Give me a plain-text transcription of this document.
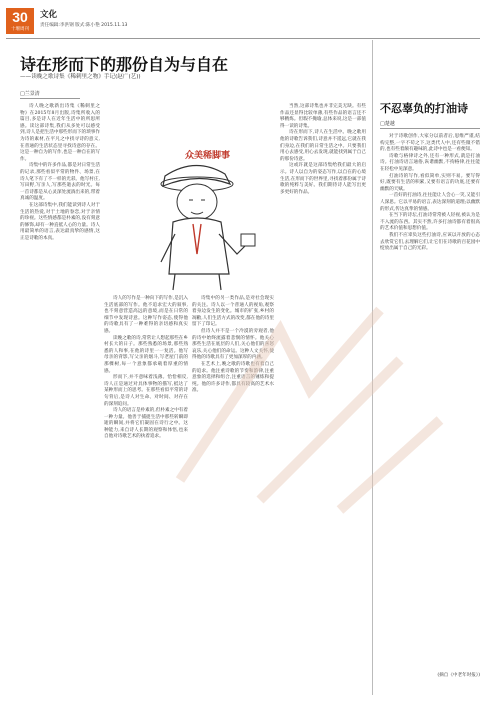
30
十堰周刊
文化
责任编辑:李洪钢 版式:陈小艳 2015.11.13
诗在形而下的那份自为与自在
——读晚之歌诗集《稀刺里之物》手记(赵广(艺))
□兰景清
众美稀脚事

诗人晚之歌新出诗集《稀刺里之物》在2015年8月出版,诗集所收入的篇目,多是诗人在近年生活中的所思所感。读这部诗集,我们从多处可以感受到,诗人是把生活中那些形而下的琐事作为诗的素材,在平凡之中找寻诗的意义,在普通的生活状态里寻找诗意的存在。这是一种自为的写作,也是一种自在的写作。

诗集中的许多作品,都是对日常生活的记录,那些看似平常的物件、场景,在诗人笔下有了不一样的光彩。他写村庄,写田野,写亲人,写那些逝去的时光。每一首诗都是从心灵深处流淌出来的,带着真诚的温度。

在这部诗集中,我们能读到诗人对于生活的热爱,对于土地的眷恋,对于亲情的珍视。这些情感都是朴素的,没有刻意的修饰,却有一种直抵人心的力量。诗人用最简单的语言,表达最真挚的感情,这正是诗歌的本真。

诗人的写作是一种向下的写作,是沉入生活底部的写作。他不追求宏大的叙事,也不刻意营造高远的意境,而是在日常的细节中发现诗意。这种写作姿态,使得他的诗歌具有了一种难得的亲切感和真实感。

读晚之歌的诗,常常让人想起那些在乡村长大的日子。那些熟悉的场景,那些熟悉的人和事,在他的诗里一一复活。他写母亲的背影,写父亲的烟斗,写老屋门前的那棵树,每一个意象都承载着厚重的情感。

形而下,并不意味着浅薄。恰恰相反,诗人正是通过对具体事物的描写,抵达了某种形而上的思考。在那些看似平常的诗句背后,是诗人对生命、对时间、对存在的深刻追问。

诗人的语言是朴素的,但朴素之中有着一种力量。他善于捕捉生活中那些转瞬即逝的瞬间,并将它们凝固在诗行之中。这种能力,来自诗人长期的观察和体悟,也来自他对诗歌艺术的执着追求。

诗集中的另一类作品,是对社会现实的关注。诗人以一个普通人的视角,观察着身边发生的变化。城市的扩张,乡村的凋敝,人们生活方式的改变,都在他的诗里留下了印记。

但诗人并不是一个冷漠的旁观者,他的诗中始终流露着悲悯的情怀。他关心那些生活在底层的人们,关心他们的喜怒哀乐,关心他们的命运。这种人文关怀,使得他的诗歌具有了更加深厚的内涵。

在艺术上,晚之歌的诗歌也有着自己的追求。他注重诗歌的节奏和韵律,注重意象的选择和组合,注重语言的锤炼和提纯。他的许多诗作,都具有较高的艺术水准。

当然,这部诗集也并非完美无缺。有些作品还显得比较单薄,有些作品的语言还不够精炼。但瑕不掩瑜,总体来说,这是一部值得一读的诗集。

诗在形而下,诗人在生活中。晚之歌用他的诗歌告诉我们,诗意并不遥远,它就在我们身边,在我们的日常生活之中。只要我们用心去感受,用心去发现,就能找到属于自己的那份诗意。

这或许就是这部诗集给我们最大的启示。诗人以自为的姿态写作,以自在的心境生活,在形而下的世界里,寻找着那份属于诗歌的纯粹与美好。我们期待诗人能写出更多更好的作品。

不忍辜负的打油诗
□楚越

对于诗歌创作,大家分以前者后,思维严谨,结构完整,一字不苟之下,这类代人中,还有些微不错的,也有些着颇有趣味的,此诗中也是一看便知。

诗歌与格律诗之外,还有一种形式,就是打油诗。打油诗语言通俗,诙谐幽默,不拘格律,往往能在轻松中见深意。

打油诗的写作,看似简单,实则不易。要写得好,既要有生活的积累,又要有语言的功底,还要有幽默的天赋。

一首好的打油诗,往往能让人会心一笑,又能引人深思。它以平易的语言,表达深刻的道理;以幽默的形式,传达真挚的情感。

在当下的诗坛,打油诗常常被人轻视,被认为是不入流的东西。其实不然,许多打油诗都有着很高的艺术价值和思想价值。

我们不应辜负这些打油诗,应该以开放的心态去欣赏它们,去理解它们,让它们在诗歌的百花园中绽放出属于自己的光彩。

(摘自《中老年时报》)
